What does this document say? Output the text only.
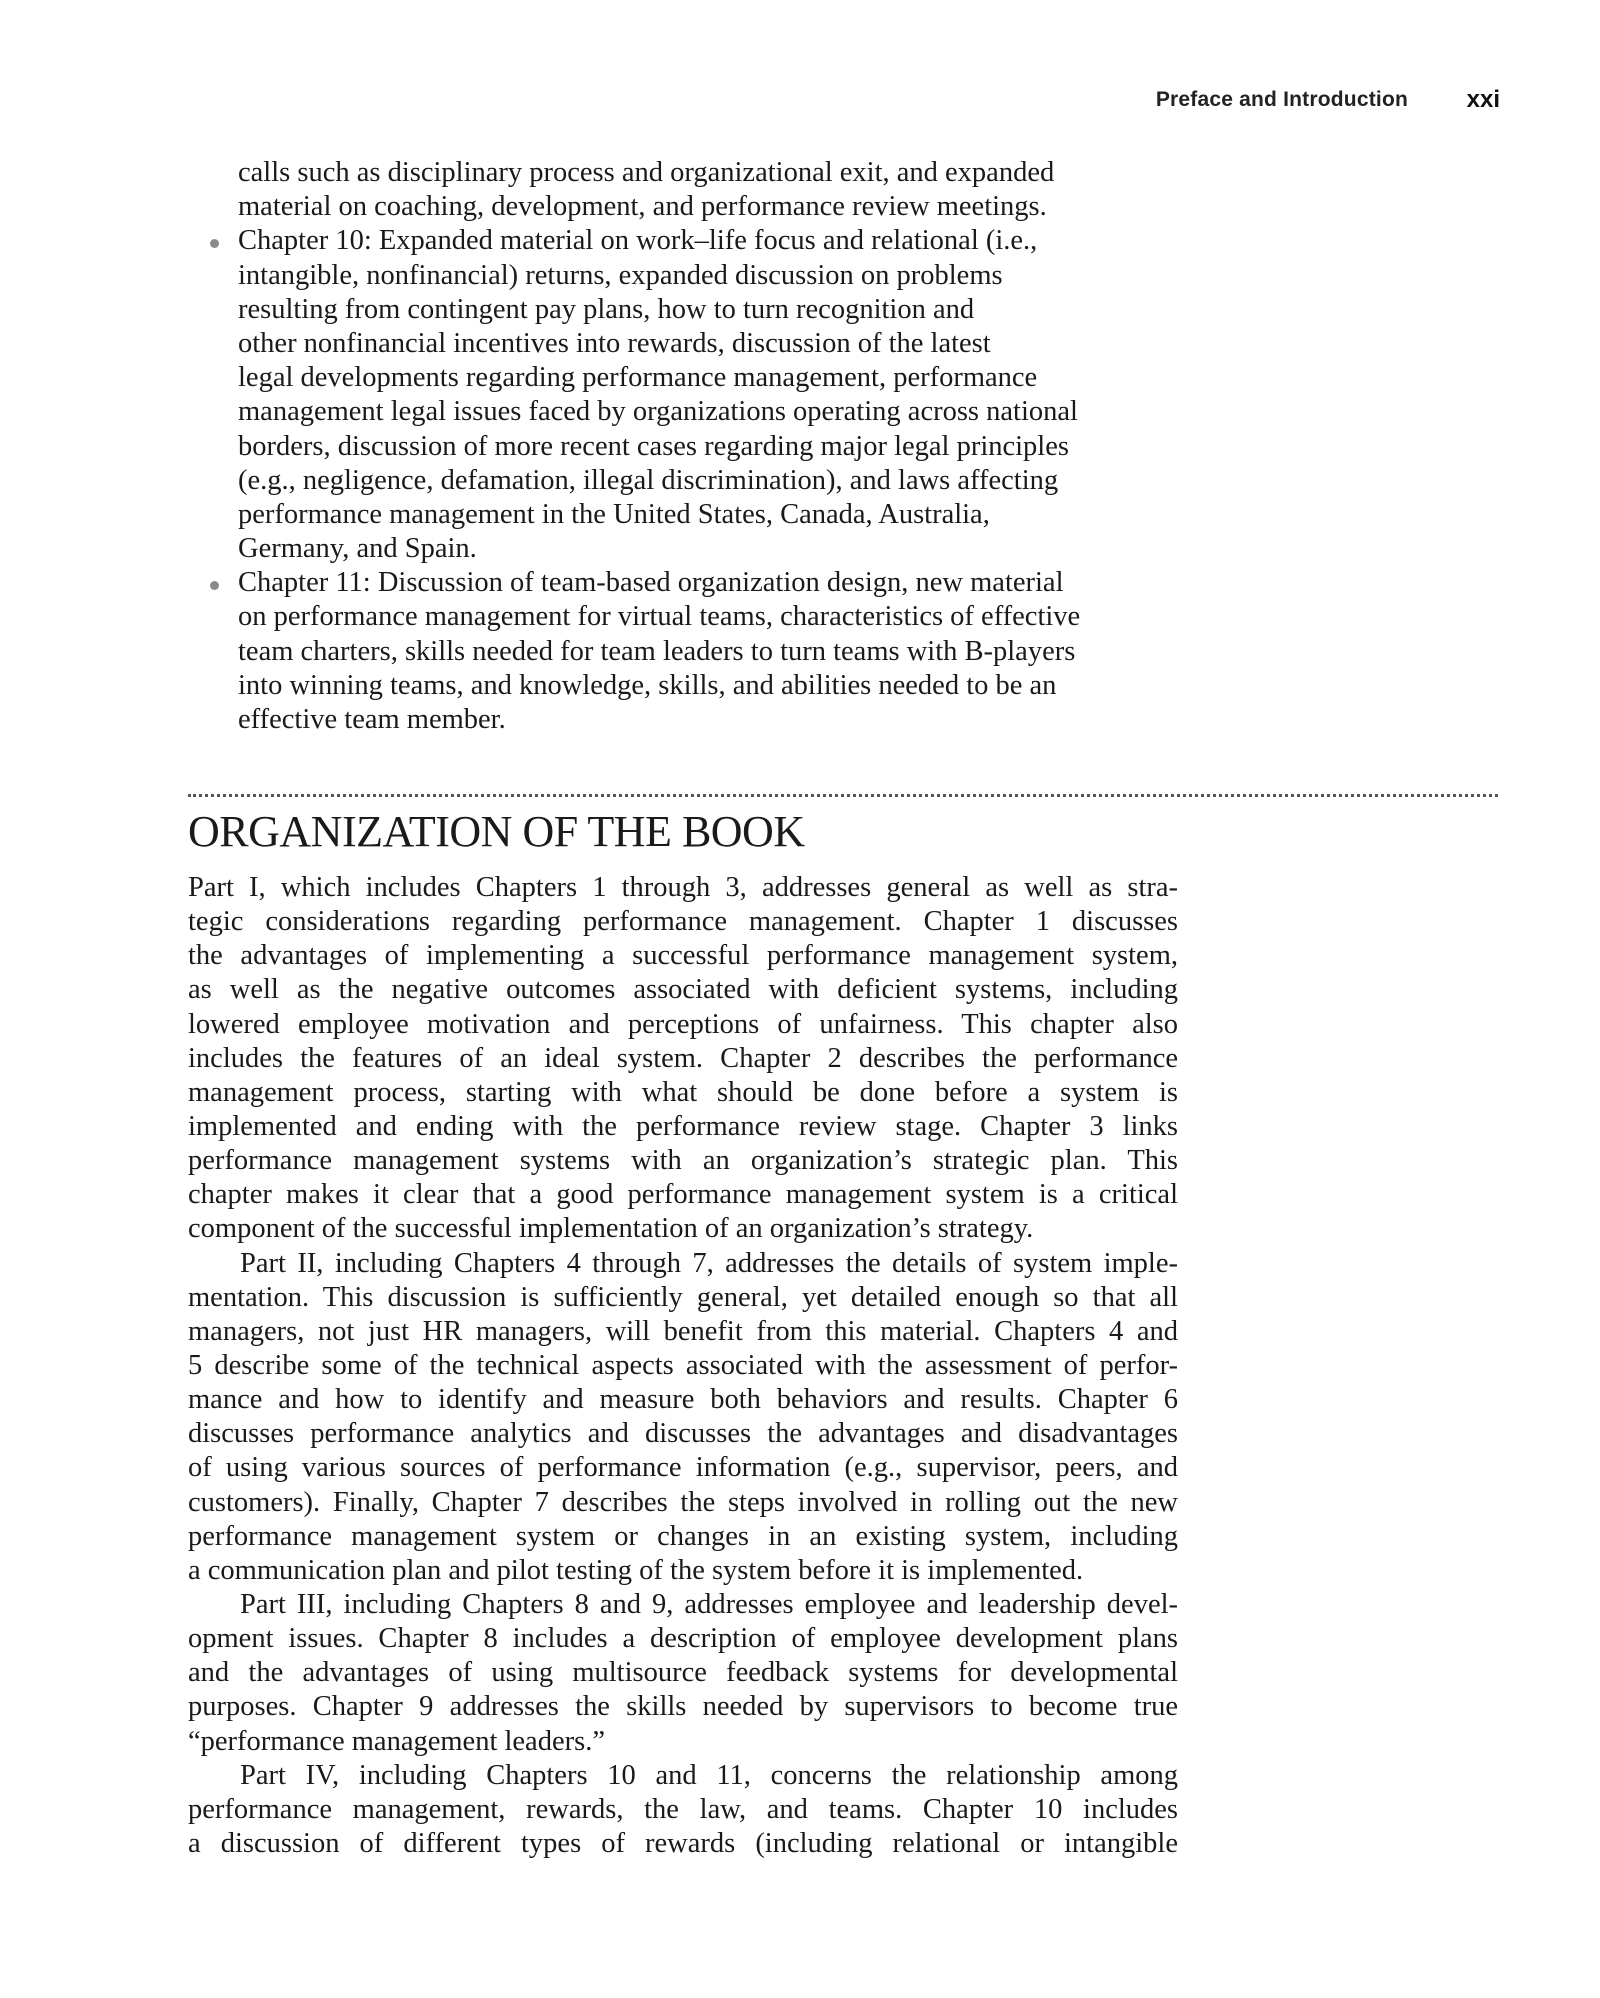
Preface and Introduction xxi
calls such as disciplinary process and organizational exit, and expanded
material on coaching, development, and performance review meetings.
Chapter 10: Expanded material on work–life focus and relational (i.e.,
intangible, nonfinancial) returns, expanded discussion on problems
resulting from contingent pay plans, how to turn recognition and
other nonfinancial incentives into rewards, discussion of the latest
legal developments regarding performance management, performance
management legal issues faced by organizations operating across national
borders, discussion of more recent cases regarding major legal principles
(e.g., negligence, defamation, illegal discrimination), and laws affecting
performance management in the United States, Canada, Australia,
Germany, and Spain.
Chapter 11: Discussion of team-based organization design, new material
on performance management for virtual teams, characteristics of effective
team charters, skills needed for team leaders to turn teams with B-players
into winning teams, and knowledge, skills, and abilities needed to be an
effective team member.
ORGANIZATION OF THE BOOK
Part I, which includes Chapters 1 through 3, addresses general as well as stra-
tegic considerations regarding performance management. Chapter 1 discusses
the advantages of implementing a successful performance management system,
as well as the negative outcomes associated with deficient systems, including
lowered employee motivation and perceptions of unfairness. This chapter also
includes the features of an ideal system. Chapter 2 describes the performance
management process, starting with what should be done before a system is
implemented and ending with the performance review stage. Chapter 3 links
performance management systems with an organization’s strategic plan. This
chapter makes it clear that a good performance management system is a critical
component of the successful implementation of an organization’s strategy.
Part II, including Chapters 4 through 7, addresses the details of system imple-
mentation. This discussion is sufficiently general, yet detailed enough so that all
managers, not just HR managers, will benefit from this material. Chapters 4 and
5 describe some of the technical aspects associated with the assessment of perfor-
mance and how to identify and measure both behaviors and results. Chapter 6
discusses performance analytics and discusses the advantages and disadvantages
of using various sources of performance information (e.g., supervisor, peers, and
customers). Finally, Chapter 7 describes the steps involved in rolling out the new
performance management system or changes in an existing system, including
a communication plan and pilot testing of the system before it is implemented.
Part III, including Chapters 8 and 9, addresses employee and leadership devel-
opment issues. Chapter 8 includes a description of employee development plans
and the advantages of using multisource feedback systems for developmental
purposes. Chapter 9 addresses the skills needed by supervisors to become true
“performance management leaders.”
Part IV, including Chapters 10 and 11, concerns the relationship among
performance management, rewards, the law, and teams. Chapter 10 includes
a discussion of different types of rewards (including relational or intangible
